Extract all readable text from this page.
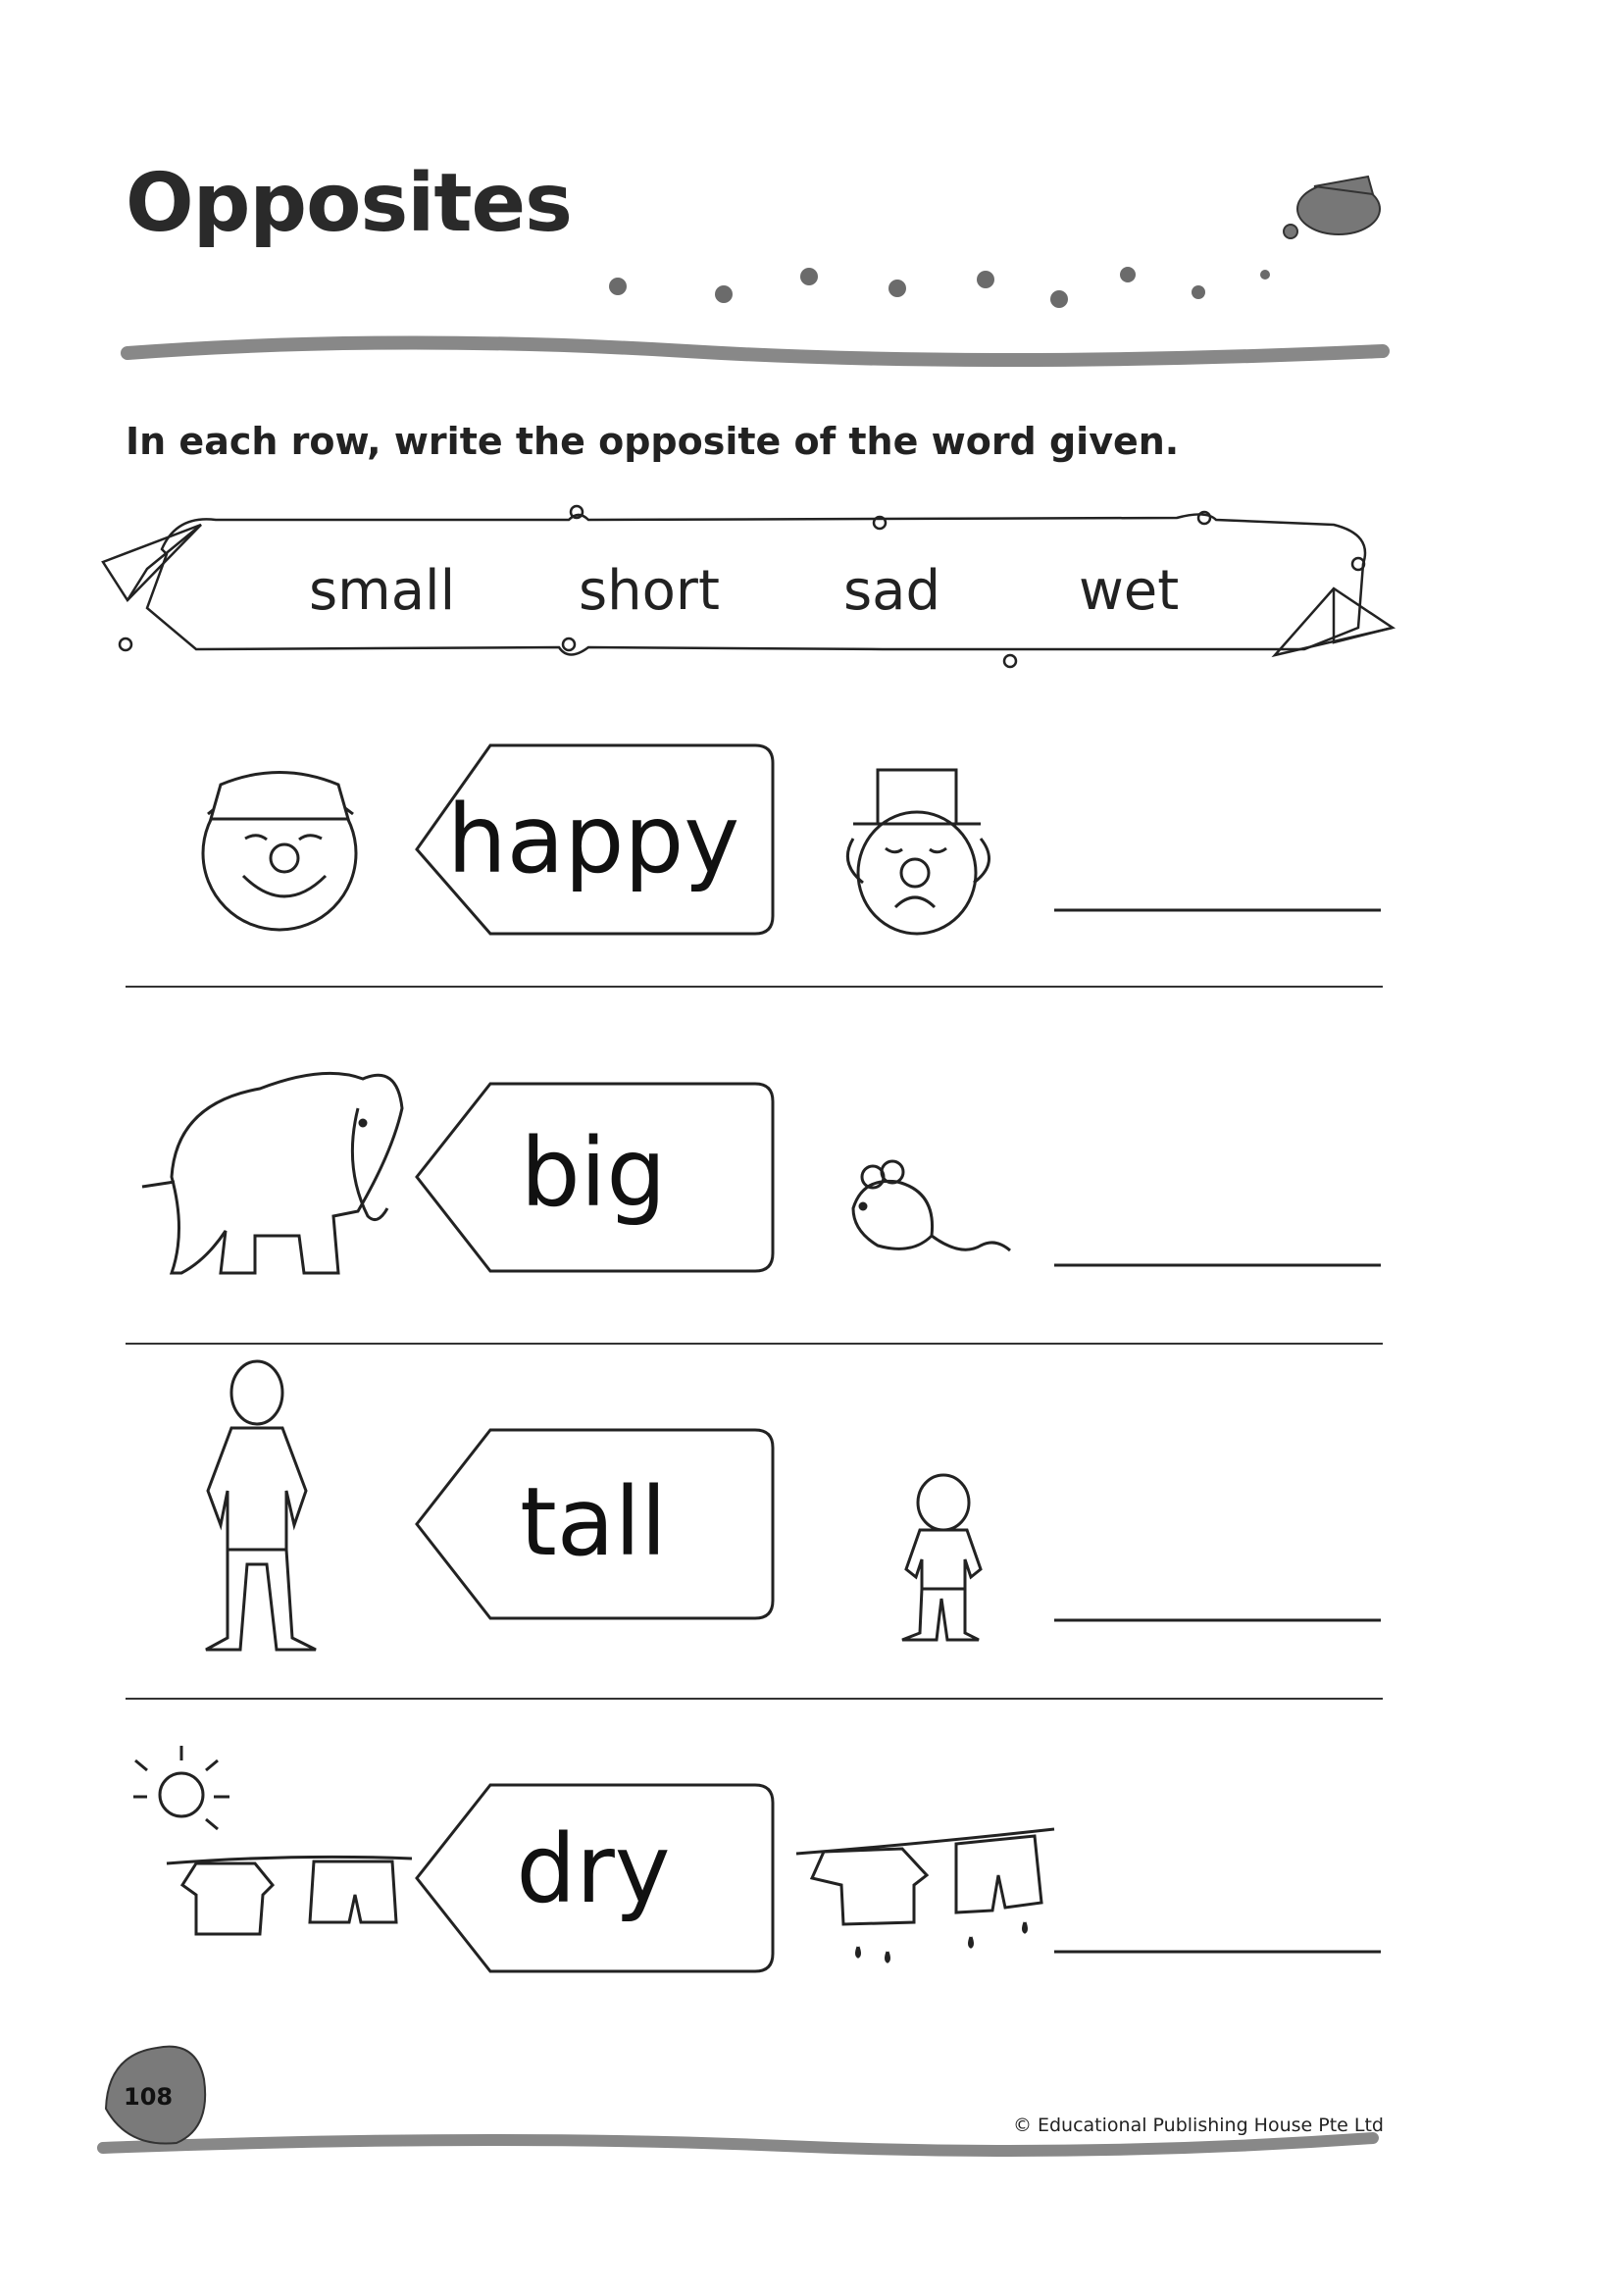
Opposites
In each row, write the opposite of the word given.
small short sad	wet
happy
big
tall
dry
108
© Educational Publishing House Pte Ltd
